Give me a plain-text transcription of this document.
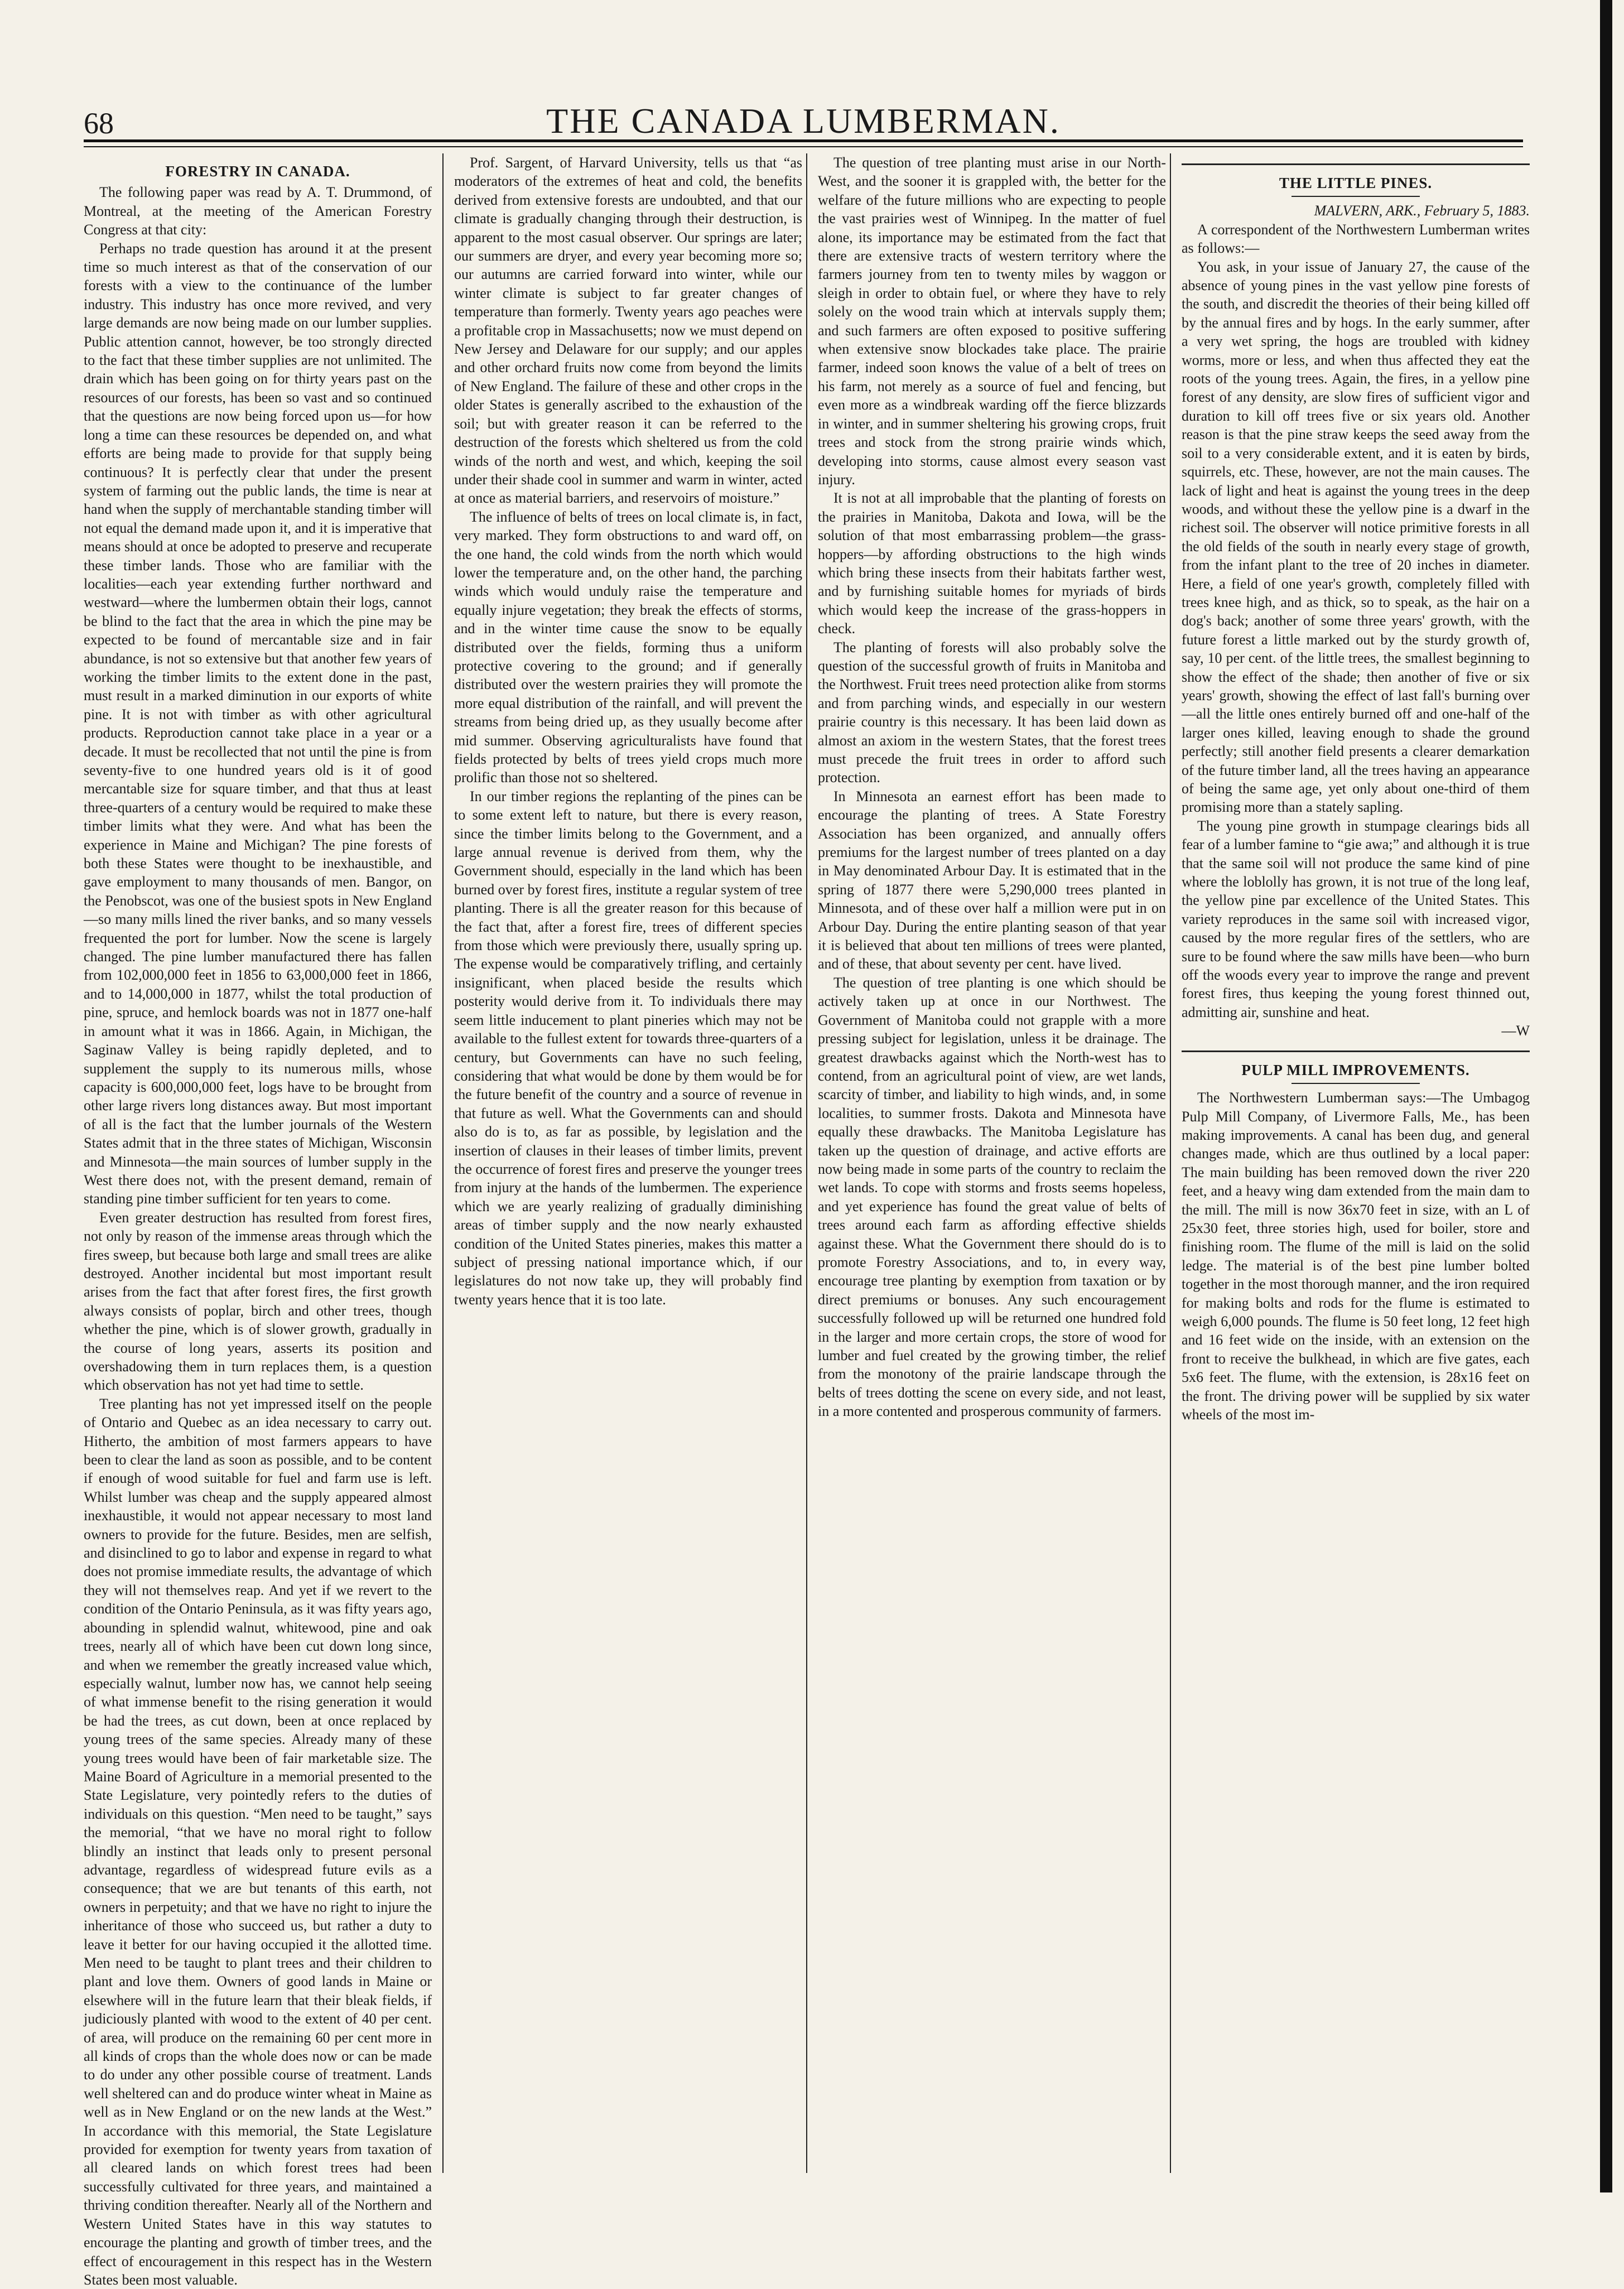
68	THE CANADA LUMBERMAN.
FORESTRY IN CANADA.

The following paper was read by A. T. Drummond, of Montreal, at the meeting of the American Forestry Congress at that city:

Perhaps no trade question has around it at the present time so much interest as that of the conservation of our forests with a view to the continuance of the lumber industry. This industry has once more revived, and very large demands are now being made on our lumber supplies. Public attention cannot, however, be too strongly directed to the fact that these timber supplies are not unlimited. The drain which has been going on for thirty years past on the resources of our forests, has been so vast and so continued that the questions are now being forced upon us—for how long a time can these resources be depended on, and what efforts are being made to provide for that supply being continuous? It is perfectly clear that under the present system of farming out the public lands, the time is near at hand when the supply of merchantable standing timber will not equal the demand made upon it, and it is imperative that means should at once be adopted to preserve and recuperate these timber lands. Those who are familiar with the localities—each year extending further northward and westward—where the lumbermen obtain their logs, cannot be blind to the fact that the area in which the pine may be expected to be found of mercantable size and in fair abundance, is not so extensive but that another few years of working the timber limits to the extent done in the past, must result in a marked diminution in our exports of white pine. It is not with timber as with other agricultural products. Reproduction cannot take place in a year or a decade. It must be recollected that not until the pine is from seventy-five to one hundred years old is it of good mercantable size for square timber, and that thus at least three-quarters of a century would be required to make these timber limits what they were. And what has been the experience in Maine and Michigan? The pine forests of both these States were thought to be inexhaustible, and gave employment to many thousands of men. Bangor, on the Penobscot, was one of the busiest spots in New England—so many mills lined the river banks, and so many vessels frequented the port for lumber. Now the scene is largely changed. The pine lumber manufactured there has fallen from 102,000,000 feet in 1856 to 63,000,000 feet in 1866, and to 14,000,000 in 1877, whilst the total production of pine, spruce, and hemlock boards was not in 1877 one-half in amount what it was in 1866. Again, in Michigan, the Saginaw Valley is being rapidly depleted, and to supplement the supply to its numerous mills, whose capacity is 600,000,000 feet, logs have to be brought from other large rivers long distances away. But most important of all is the fact that the lumber journals of the Western States admit that in the three states of Michigan, Wisconsin and Minnesota—the main sources of lumber supply in the West there does not, with the present demand, remain of standing pine timber sufficient for ten years to come.

Even greater destruction has resulted from forest fires, not only by reason of the immense areas through which the fires sweep, but because both large and small trees are alike destroyed. Another incidental but most important result arises from the fact that after forest fires, the first growth always consists of poplar, birch and other trees, though whether the pine, which is of slower growth, gradually in the course of long years, asserts its position and overshadowing them in turn replaces them, is a question which observation has not yet had time to settle.

Tree planting has not yet impressed itself on the people of Ontario and Quebec as an idea necessary to carry out. Hitherto, the ambition of most farmers appears to have been to clear the land as soon as possible, and to be content if enough of wood suitable for fuel and farm use is left. Whilst lumber was cheap and the supply appeared almost inexhaustible, it would not appear necessary to most land owners to provide for the future. Besides, men are selfish, and disinclined to go to labor and expense in regard to what does not promise immediate results, the advantage of which they will not themselves reap. And yet if we revert to the condition of the Ontario Peninsula, as it was fifty years ago, abounding in splendid walnut, whitewood, pine and oak trees, nearly all of which have been cut down long since, and when we remember the greatly increased value which, especially walnut, lumber now has, we cannot help seeing of what immense benefit to the rising generation it would be had the trees, as cut down, been at once replaced by young trees of the same species. Already many of these young trees would have been of fair marketable size. The Maine Board of Agriculture in a memorial presented to the State Legislature, very pointedly refers to the duties of individuals on this question. “Men need to be taught,” says the memorial, “that we have no moral right to follow blindly an instinct that leads only to present personal advantage, regardless of widespread future evils as a consequence; that we are but tenants of this earth, not owners in perpetuity; and that we have no right to injure the inheritance of those who succeed us, but rather a duty to leave it better for our having occupied it the allotted time. Men need to be taught to plant trees and their children to plant and love them. Owners of good lands in Maine or elsewhere will in the future learn that their bleak fields, if judiciously planted with wood to the extent of 40 per cent. of area, will produce on the remaining 60 per cent more in all kinds of crops than the whole does now or can be made to do under any other possible course of treatment. Lands well sheltered can and do produce winter wheat in Maine as well as in New England or on the new lands at the West.” In accordance with this memorial, the State Legislature provided for exemption for twenty years from taxation of all cleared lands on which forest trees had been successfully cultivated for three years, and maintained a thriving condition thereafter. Nearly all of the Northern and Western United States have in this way statutes to encourage the planting and growth of timber trees, and the effect of encouragement in this respect has in the Western States been most valuable.

Prof. Sargent, of Harvard University, tells us that “as moderators of the extremes of heat and cold, the benefits derived from extensive forests are undoubted, and that our climate is gradually changing through their destruction, is apparent to the most casual observer. Our springs are later; our summers are dryer, and every year becoming more so; our autumns are carried forward into winter, while our winter climate is subject to far greater changes of temperature than formerly. Twenty years ago peaches were a profitable crop in Massachusetts; now we must depend on New Jersey and Delaware for our supply; and our apples and other orchard fruits now come from beyond the limits of New England. The failure of these and other crops in the older States is generally ascribed to the exhaustion of the soil; but with greater reason it can be referred to the destruction of the forests which sheltered us from the cold winds of the north and west, and which, keeping the soil under their shade cool in summer and warm in winter, acted at once as material barriers, and reservoirs of moisture.”

The influence of belts of trees on local climate is, in fact, very marked. They form obstructions to and ward off, on the one hand, the cold winds from the north which would lower the temperature and, on the other hand, the parching winds which would unduly raise the temperature and equally injure vegetation; they break the effects of storms, and in the winter time cause the snow to be equally distributed over the fields, forming thus a uniform protective covering to the ground; and if generally distributed over the western prairies they will promote the more equal distribution of the rainfall, and will prevent the streams from being dried up, as they usually become after mid summer. Observing agriculturalists have found that fields protected by belts of trees yield crops much more prolific than those not so sheltered.

In our timber regions the replanting of the pines can be to some extent left to nature, but there is every reason, since the timber limits belong to the Government, and a large annual revenue is derived from them, why the Government should, especially in the land which has been burned over by forest fires, institute a regular system of tree planting. There is all the greater reason for this because of the fact that, after a forest fire, trees of different species from those which were previously there, usually spring up. The expense would be comparatively trifling, and certainly insignificant, when placed beside the results which posterity would derive from it. To individuals there may seem little inducement to plant pineries which may not be available to the fullest extent for towards three-quarters of a century, but Governments can have no such feeling, considering that what would be done by them would be for the future benefit of the country and a source of revenue in that future as well. What the Governments can and should also do is to, as far as possible, by legislation and the insertion of clauses in their leases of timber limits, prevent the occurrence of forest fires and preserve the younger trees from injury at the hands of the lumbermen. The experience which we are yearly realizing of gradually diminishing areas of timber supply and the now nearly exhausted condition of the United States pineries, makes this matter a subject of pressing national importance which, if our legislatures do not now take up, they will probably find twenty years hence that it is too late.

The question of tree planting must arise in our North-West, and the sooner it is grappled with, the better for the welfare of the future millions who are expecting to people the vast prairies west of Winnipeg. In the matter of fuel alone, its importance may be estimated from the fact that there are extensive tracts of western territory where the farmers journey from ten to twenty miles by waggon or sleigh in order to obtain fuel, or where they have to rely solely on the wood train which at intervals supply them; and such farmers are often exposed to positive suffering when extensive snow blockades take place. The prairie farmer, indeed soon knows the value of a belt of trees on his farm, not merely as a source of fuel and fencing, but even more as a windbreak warding off the fierce blizzards in winter, and in summer sheltering his growing crops, fruit trees and stock from the strong prairie winds which, developing into storms, cause almost every season vast injury.

It is not at all improbable that the planting of forests on the prairies in Manitoba, Dakota and Iowa, will be the solution of that most embarrassing problem—the grass-hoppers—by affording obstructions to the high winds which bring these insects from their habitats farther west, and by furnishing suitable homes for myriads of birds which would keep the increase of the grass-hoppers in check.

The planting of forests will also probably solve the question of the successful growth of fruits in Manitoba and the Northwest. Fruit trees need protection alike from storms and from parching winds, and especially in our western prairie country is this necessary. It has been laid down as almost an axiom in the western States, that the forest trees must precede the fruit trees in order to afford such protection.

In Minnesota an earnest effort has been made to encourage the planting of trees. A State Forestry Association has been organized, and annually offers premiums for the largest number of trees planted on a day in May denominated Arbour Day. It is estimated that in the spring of 1877 there were 5,290,000 trees planted in Minnesota, and of these over half a million were put in on Arbour Day. During the entire planting season of that year it is believed that about ten millions of trees were planted, and of these, that about seventy per cent. have lived.

The question of tree planting is one which should be actively taken up at once in our Northwest. The Government of Manitoba could not grapple with a more pressing subject for legislation, unless it be drainage. The greatest drawbacks against which the North-west has to contend, from an agricultural point of view, are wet lands, scarcity of timber, and liability to high winds, and, in some localities, to summer frosts. Dakota and Minnesota have equally these drawbacks. The Manitoba Legislature has taken up the question of drainage, and active efforts are now being made in some parts of the country to reclaim the wet lands. To cope with storms and frosts seems hopeless, and yet experience has found the great value of belts of trees around each farm as affording effective shields against these. What the Government there should do is to promote Forestry Associations, and to, in every way, encourage tree planting by exemption from taxation or by direct premiums or bonuses. Any such encouragement successfully followed up will be returned one hundred fold in the larger and more certain crops, the store of wood for lumber and fuel created by the growing timber, the relief from the monotony of the prairie landscape through the belts of trees dotting the scene on every side, and not least, in a more contented and prosperous community of farmers.

THE LITTLE PINES.

MALVERN, ARK., February 5, 1883.

A correspondent of the Northwestern Lumberman writes as follows:—

You ask, in your issue of January 27, the cause of the absence of young pines in the vast yellow pine forests of the south, and discredit the theories of their being killed off by the annual fires and by hogs. In the early summer, after a very wet spring, the hogs are troubled with kidney worms, more or less, and when thus affected they eat the roots of the young trees. Again, the fires, in a yellow pine forest of any density, are slow fires of sufficient vigor and duration to kill off trees five or six years old. Another reason is that the pine straw keeps the seed away from the soil to a very considerable extent, and it is eaten by birds, squirrels, etc. These, however, are not the main causes. The lack of light and heat is against the young trees in the deep woods, and without these the yellow pine is a dwarf in the richest soil. The observer will notice primitive forests in all the old fields of the south in nearly every stage of growth, from the infant plant to the tree of 20 inches in diameter. Here, a field of one year's growth, completely filled with trees knee high, and as thick, so to speak, as the hair on a dog's back; another of some three years' growth, with the future forest a little marked out by the sturdy growth of, say, 10 per cent. of the little trees, the smallest beginning to show the effect of the shade; then another of five or six years' growth, showing the effect of last fall's burning over—all the little ones entirely burned off and one-half of the larger ones killed, leaving enough to shade the ground perfectly; still another field presents a clearer demarkation of the future timber land, all the trees having an appearance of being the same age, yet only about one-third of them promising more than a stately sapling.

The young pine growth in stumpage clearings bids all fear of a lumber famine to “gie awa;” and although it is true that the same soil will not produce the same kind of pine where the loblolly has grown, it is not true of the long leaf, the yellow pine par excellence of the United States. This variety reproduces in the same soil with increased vigor, caused by the more regular fires of the settlers, who are sure to be found where the saw mills have been—who burn off the woods every year to improve the range and prevent forest fires, thus keeping the young forest thinned out, admitting air, sunshine and heat.

—W

PULP MILL IMPROVEMENTS.

The Northwestern Lumberman says:—The Umbagog Pulp Mill Company, of Livermore Falls, Me., has been making improvements. A canal has been dug, and general changes made, which are thus outlined by a local paper: The main building has been removed down the river 220 feet, and a heavy wing dam extended from the main dam to the mill. The mill is now 36x70 feet in size, with an L of 25x30 feet, three stories high, used for boiler, store and finishing room. The flume of the mill is laid on the solid ledge. The material is of the best pine lumber bolted together in the most thorough manner, and the iron required for making bolts and rods for the flume is estimated to weigh 6,000 pounds. The flume is 50 feet long, 12 feet high and 16 feet wide on the inside, with an extension on the front to receive the bulkhead, in which are five gates, each 5x6 feet. The flume, with the extension, is 28x16 feet on the front. The driving power will be supplied by six water wheels of the most im-
